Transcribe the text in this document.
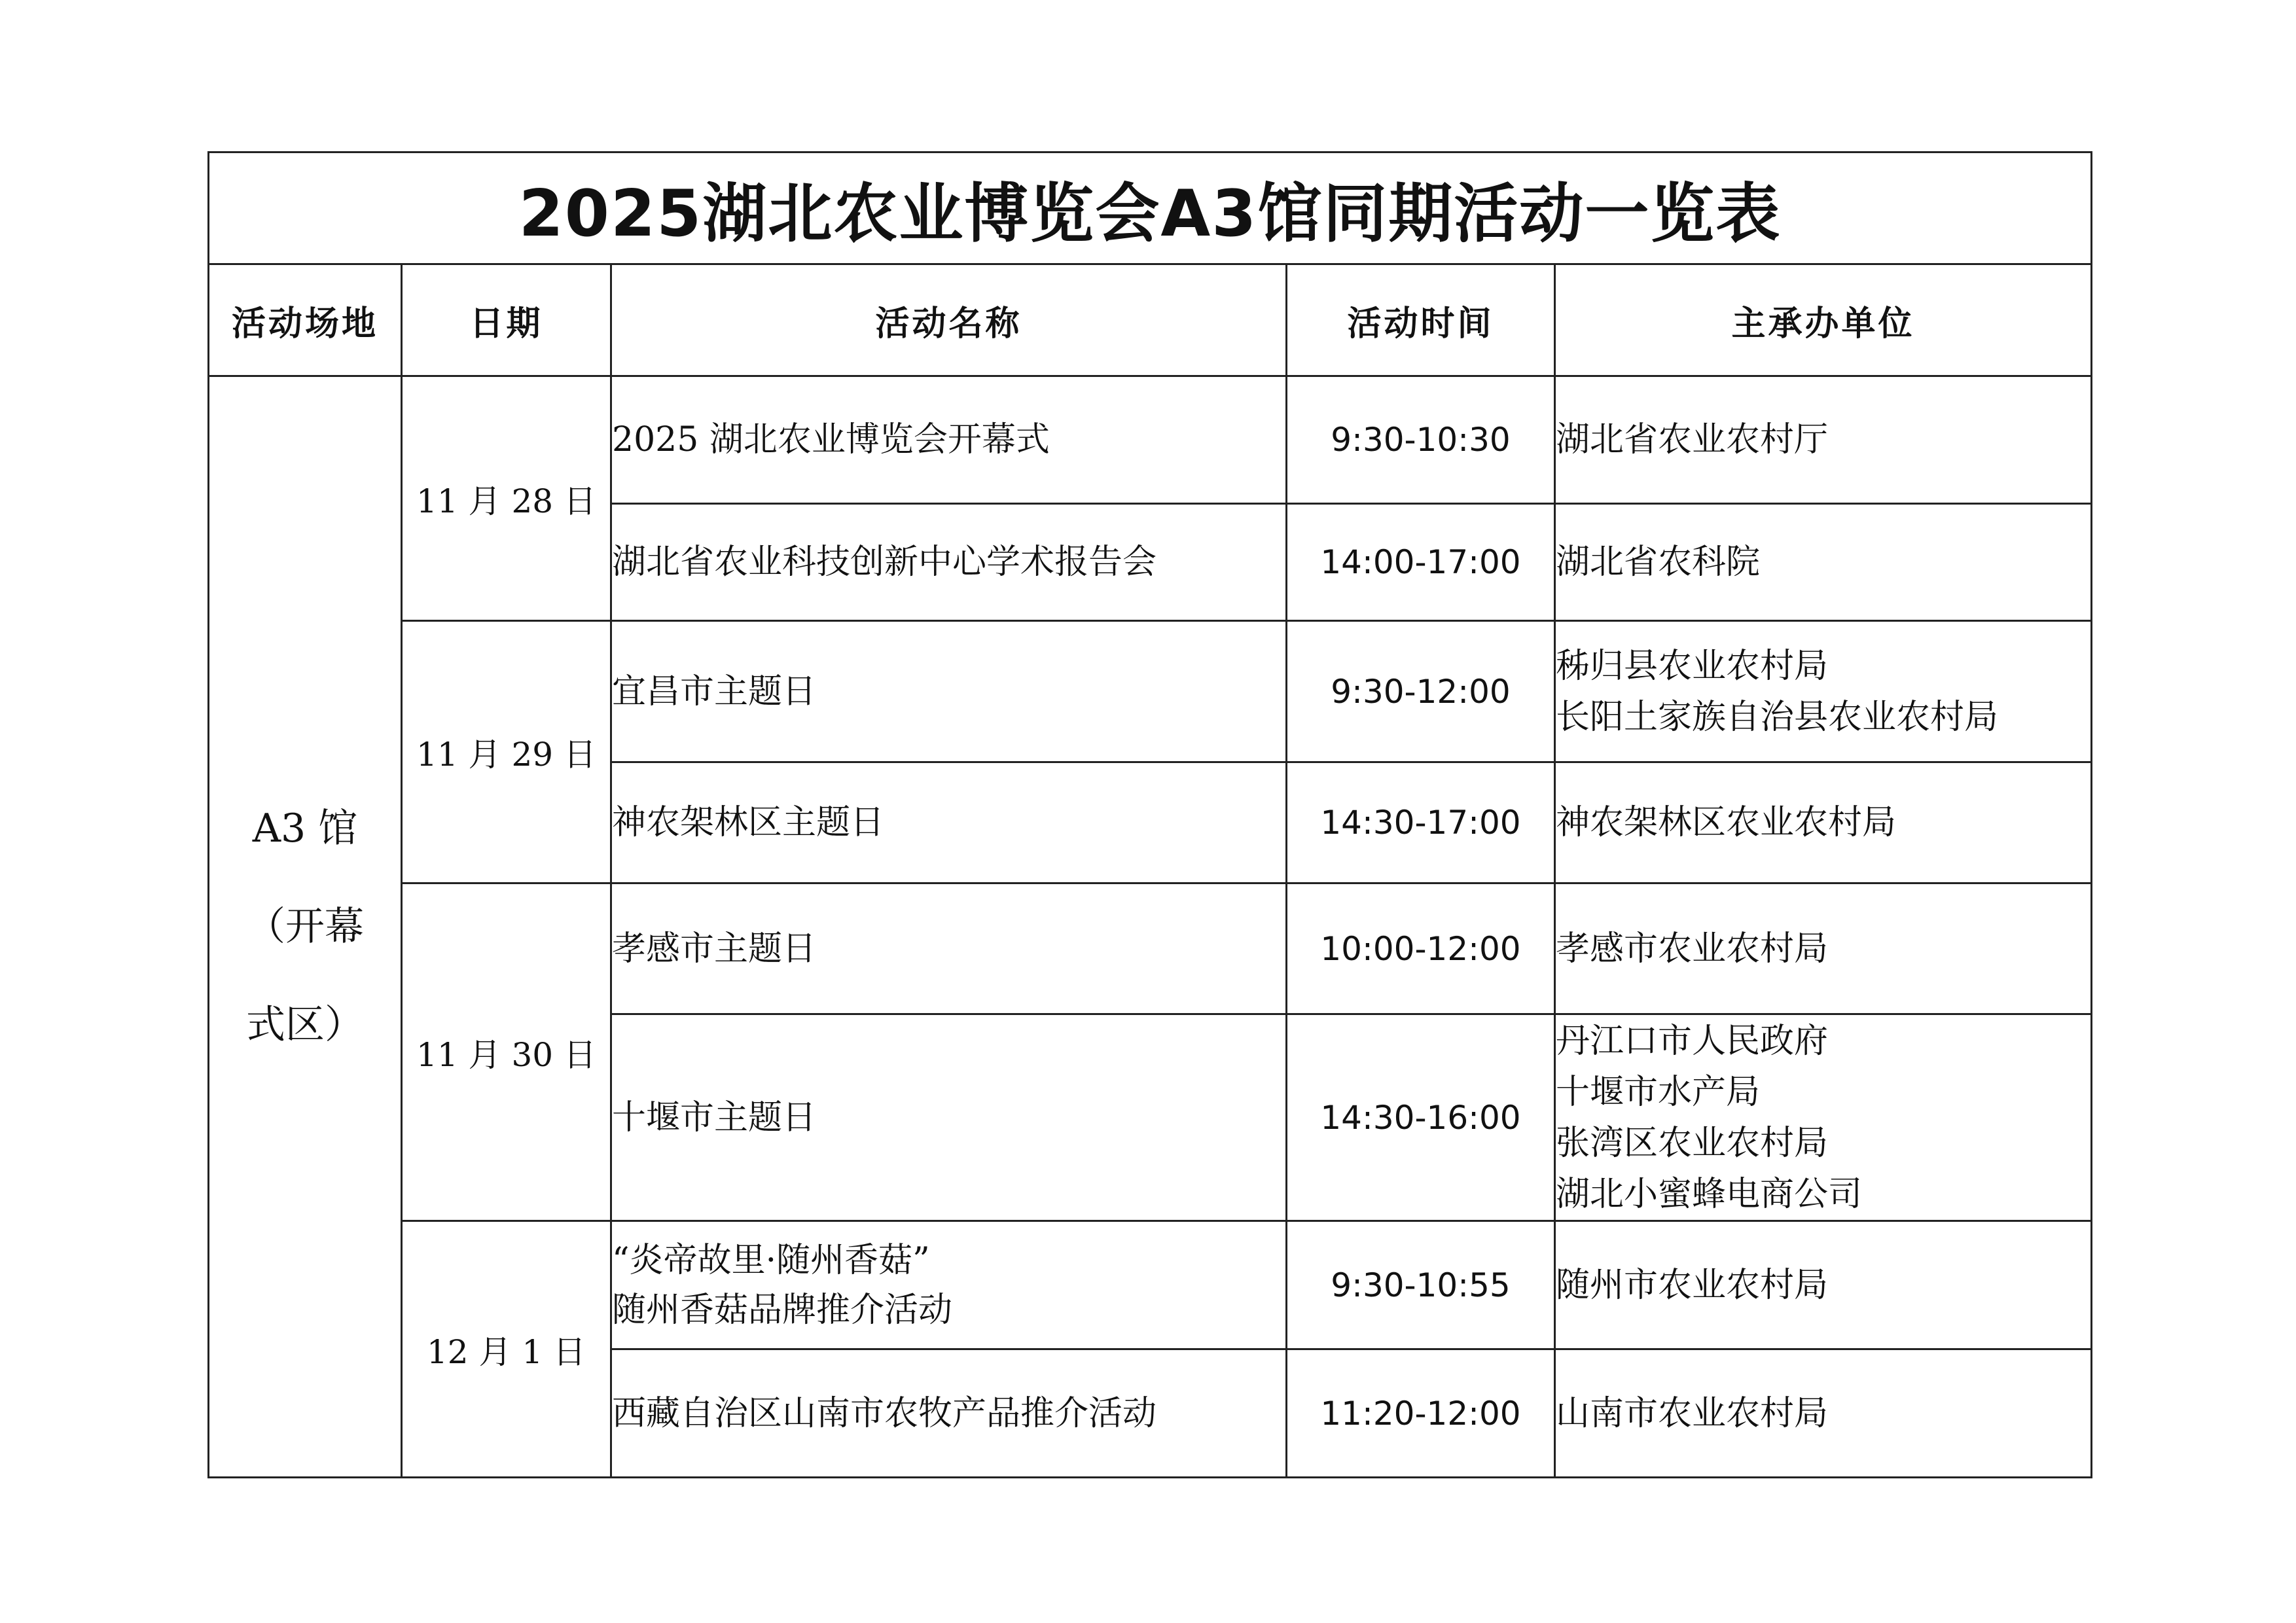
2025湖北农业博览会A3馆同期活动一览表				
活动场地	日期	活动名称	活动时间	主承办单位

A3 馆
（开幕
式区）	11 月 28 日	2025 湖北农业博览会开幕式	9:30-10:30	湖北省农业农村厅

		湖北省农业科技创新中心学术报告会	14:00-17:00	湖北省农科院

	11 月 29 日	宜昌市主题日	9:30-12:00	秭归县农业农村局
长阳土家族自治县农业农村局

		神农架林区主题日	14:30-17:00	神农架林区农业农村局

	11 月 30 日	孝感市主题日	10:00-12:00	孝感市农业农村局

		十堰市主题日	14:30-16:00	丹江口市人民政府
十堰市水产局
张湾区农业农村局
湖北小蜜蜂电商公司

	12 月 1 日	“炎帝故里·随州香菇”
随州香菇品牌推介活动	9:30-10:55	随州市农业农村局

		西藏自治区山南市农牧产品推介活动	11:20-12:00	山南市农业农村局
